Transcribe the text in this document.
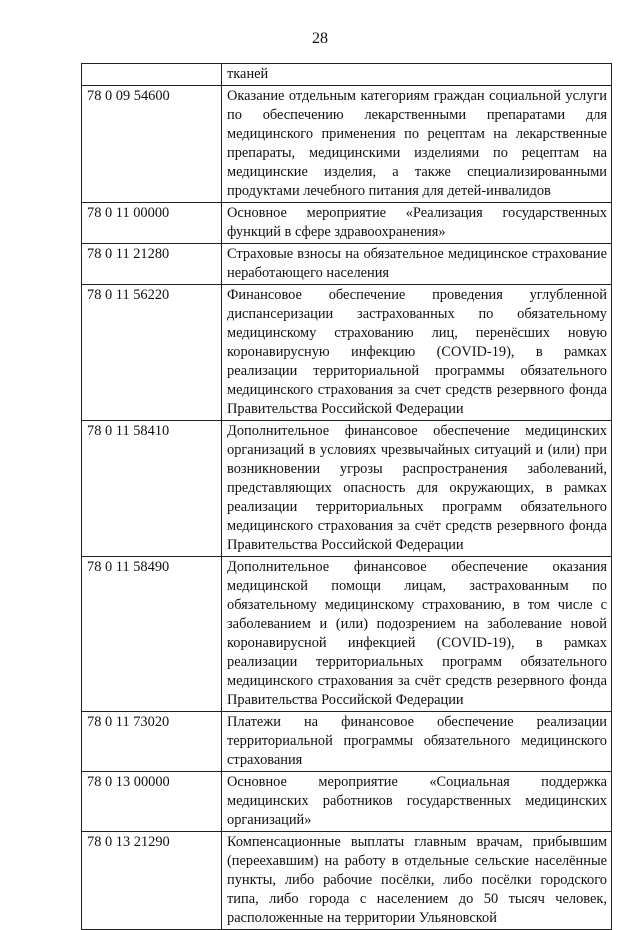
28
	тканей
78 0 09 54600	Оказание отдельным категориям граждан социальной услуги по обеспечению лекарственными препаратами для медицинского применения по рецептам на лекарственные препараты, медицинскими изделиями по рецептам на медицинские изделия, а также специализированными продуктами лечебного питания для детей-инвалидов
78 0 11 00000	Основное мероприятие «Реализация государственных функций в сфере здравоохранения»
78 0 11 21280	Страховые взносы на обязательное медицинское страхование неработающего населения
78 0 11 56220	Финансовое обеспечение проведения углубленной диспансеризации застрахованных по обязательному медицинскому страхованию лиц, перенёсших новую коронавирусную инфекцию (COVID-19), в рамках реализации территориальной программы обязательного медицинского страхования за счет средств резервного фонда Правительства Российской Федерации
78 0 11 58410	Дополнительное финансовое обеспечение медицинских организаций в условиях чрезвычайных ситуаций и (или) при возникновении угрозы распространения заболеваний, представляющих опасность для окружающих, в рамках реализации территориальных программ обязательного медицинского страхования за счёт средств резервного фонда Правительства Российской Федерации
78 0 11 58490	Дополнительное финансовое обеспечение оказания медицинской помощи лицам, застрахованным по обязательному медицинскому страхованию, в том числе с заболеванием и (или) подозрением на заболевание новой коронавирусной инфекцией (COVID-19), в рамках реализации территориальных программ обязательного медицинского страхования за счёт средств резервного фонда Правительства Российской Федерации
78 0 11 73020	Платежи на финансовое обеспечение реализации территориальной программы обязательного медицинского страхования
78 0 13 00000	Основное мероприятие «Социальная поддержка медицинских работников государственных медицинских организаций»
78 0 13 21290	Компенсационные выплаты главным врачам, прибывшим (переехавшим) на работу в отдельные сельские населённые пункты, либо рабочие посёлки, либо посёлки городского типа, либо города с населением до 50 тысяч человек, расположенные на территории Ульяновской
